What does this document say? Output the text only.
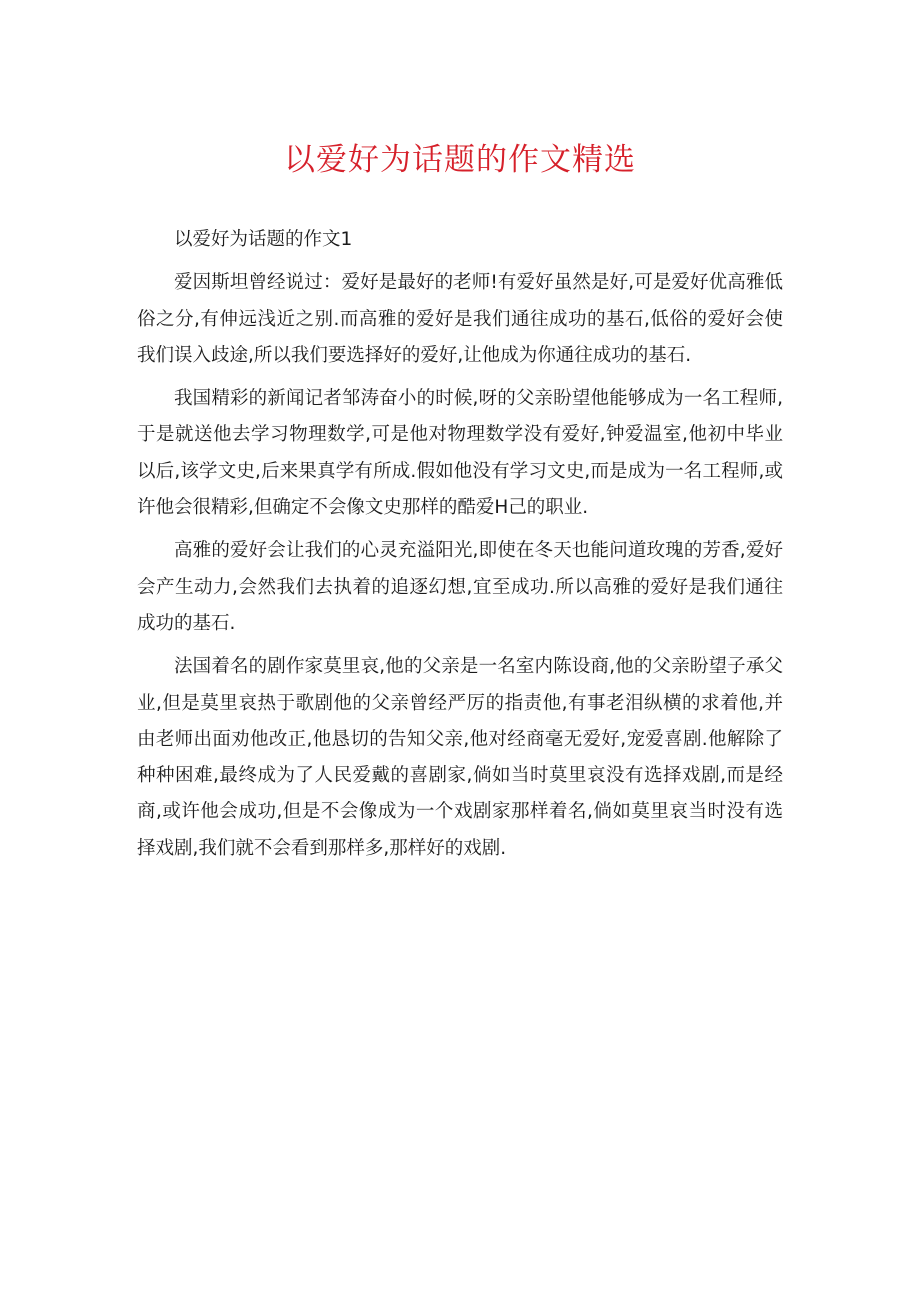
以爱好为话题的作文精选

以爱好为话题的作文1

爱因斯坦曾经说过：爱好是最好的老师!有爱好虽然是好,可是爱好优高雅低俗之分,有伸远浅近之别.而高雅的爱好是我们通往成功的基石,低俗的爱好会使我们误入歧途,所以我们要选择好的爱好,让他成为你通往成功的基石.

我国精彩的新闻记者邹涛奋小的时候,呀的父亲盼望他能够成为一名工程师,于是就送他去学习物理数学,可是他对物理数学没有爱好,钟爱温室,他初中毕业以后,该学文史,后来果真学有所成.假如他没有学习文史,而是成为一名工程师,或许他会很精彩,但确定不会像文史那样的酷爱H己的职业.

高雅的爱好会让我们的心灵充溢阳光,即使在冬天也能问道玫瑰的芳香,爱好会产生动力,会然我们去执着的追逐幻想,宜至成功.所以高雅的爱好是我们通往成功的基石.

法国着名的剧作家莫里哀,他的父亲是一名室内陈设商,他的父亲盼望子承父业,但是莫里哀热于歌剧他的父亲曾经严厉的指责他,有事老泪纵横的求着他,并由老师出面劝他改正,他恳切的告知父亲,他对经商毫无爱好,宠爱喜剧.他解除了种种困难,最终成为了人民爱戴的喜剧家,倘如当时莫里哀没有选择戏剧,而是经商,或许他会成功,但是不会像成为一个戏剧家那样着名,倘如莫里哀当时没有选择戏剧,我们就不会看到那样多,那样好的戏剧.
